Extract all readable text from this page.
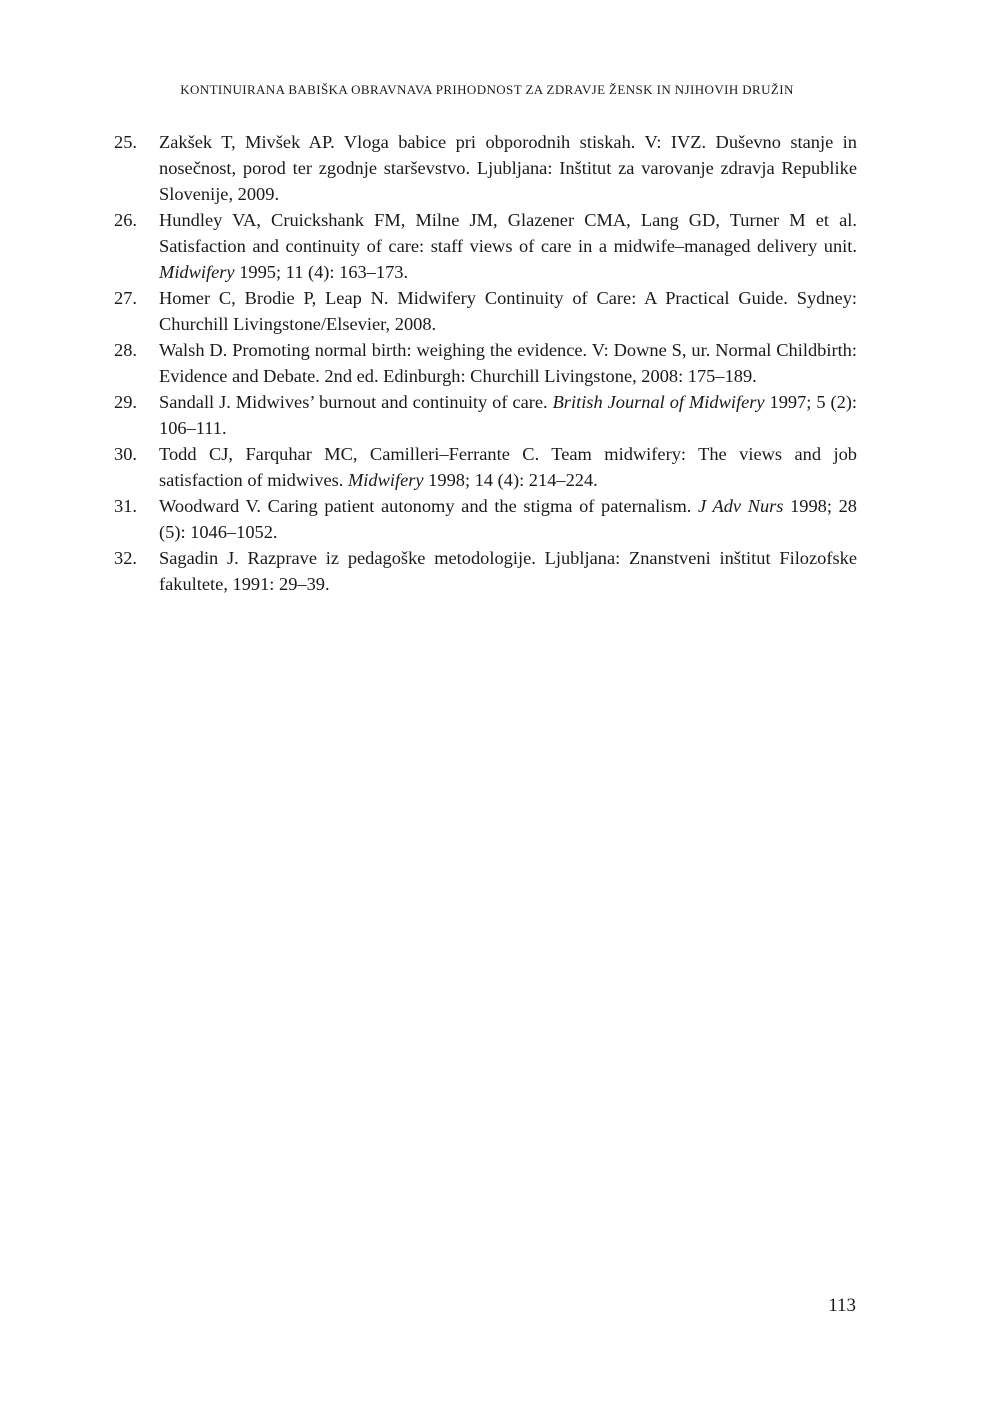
KONTINUIRANA BABIŠKA OBRAVNAVA PRIHODNOST ZA ZDRAVJE ŽENSK IN NJIHOVIH DRUŽIN
25.	Zakšek T, Mivšek AP. Vloga babice pri obporodnih stiskah. V: IVZ. Duševno stanje in nosečnost, porod ter zgodnje starševstvo. Ljubljana: Inštitut za varovanje zdravja Republike Slovenije, 2009.
26.	Hundley VA, Cruickshank FM, Milne JM, Glazener CMA, Lang GD, Turner M et al. Satisfaction and continuity of care: staff views of care in a midwife–managed delivery unit. Midwifery 1995; 11 (4): 163–173.
27.	Homer C, Brodie P, Leap N. Midwifery Continuity of Care: A Practical Guide. Sydney: Churchill Livingstone/Elsevier, 2008.
28.	Walsh D. Promoting normal birth: weighing the evidence. V: Downe S, ur. Normal Childbirth: Evidence and Debate. 2nd ed. Edinburgh: Churchill Livingstone, 2008: 175–189.
29.	Sandall J. Midwives’ burnout and continuity of care. British Journal of Midwifery 1997; 5 (2): 106–111.
30.	Todd CJ, Farquhar MC, Camilleri–Ferrante C. Team midwifery: The views and job satisfaction of midwives. Midwifery 1998; 14 (4): 214–224.
31.	Woodward V. Caring patient autonomy and the stigma of paternalism. J Adv Nurs 1998; 28 (5): 1046–1052.
32.	Sagadin J. Razprave iz pedagoške metodologije. Ljubljana: Znanstveni inštitut Filozofske fakultete, 1991: 29–39.
113
